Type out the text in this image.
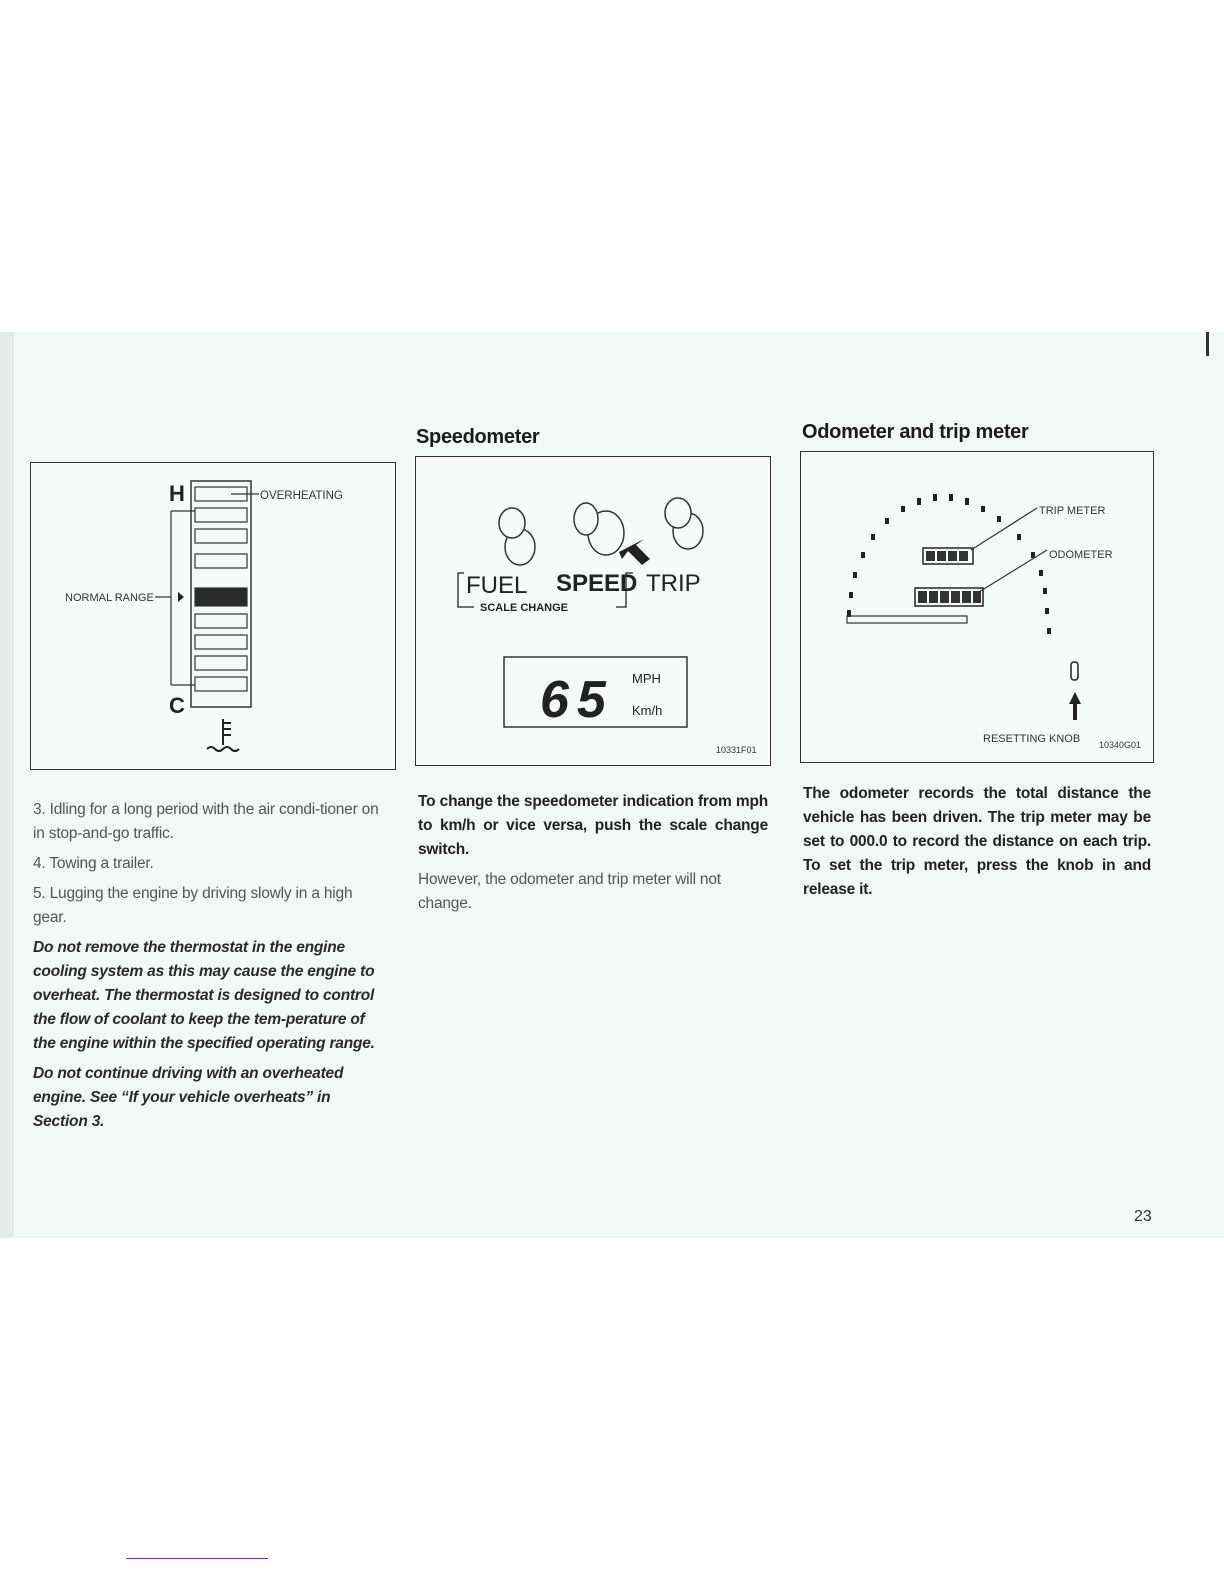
H
C
OVERHEATING
NORMAL RANGE

3. Idling for a long period with the air condi-tioner on in stop-and-go traffic.

4. Towing a trailer.

5. Lugging the engine by driving slowly in a high gear.

Do not remove the thermostat in the engine cooling system as this may cause the engine to overheat. The thermostat is designed to control the flow of coolant to keep the tem-perature of the engine within the specified operating range.

Do not continue driving with an overheated engine. See “If your vehicle overheats” in Section 3.

Speedometer
FUEL SPEED TRIP
SCALE CHANGE
65 MPH
Km/h
10331F01

To change the speedometer indication from mph to km/h or vice versa, push the scale change switch.

However, the odometer and trip meter will not change.

Odometer and trip meter
TRIP METER
ODOMETER
RESETTING KNOB 10340G01

The odometer records the total distance the vehicle has been driven. The trip meter may be set to 000.0 to record the distance on each trip. To set the trip meter, press the knob in and release it.

23
